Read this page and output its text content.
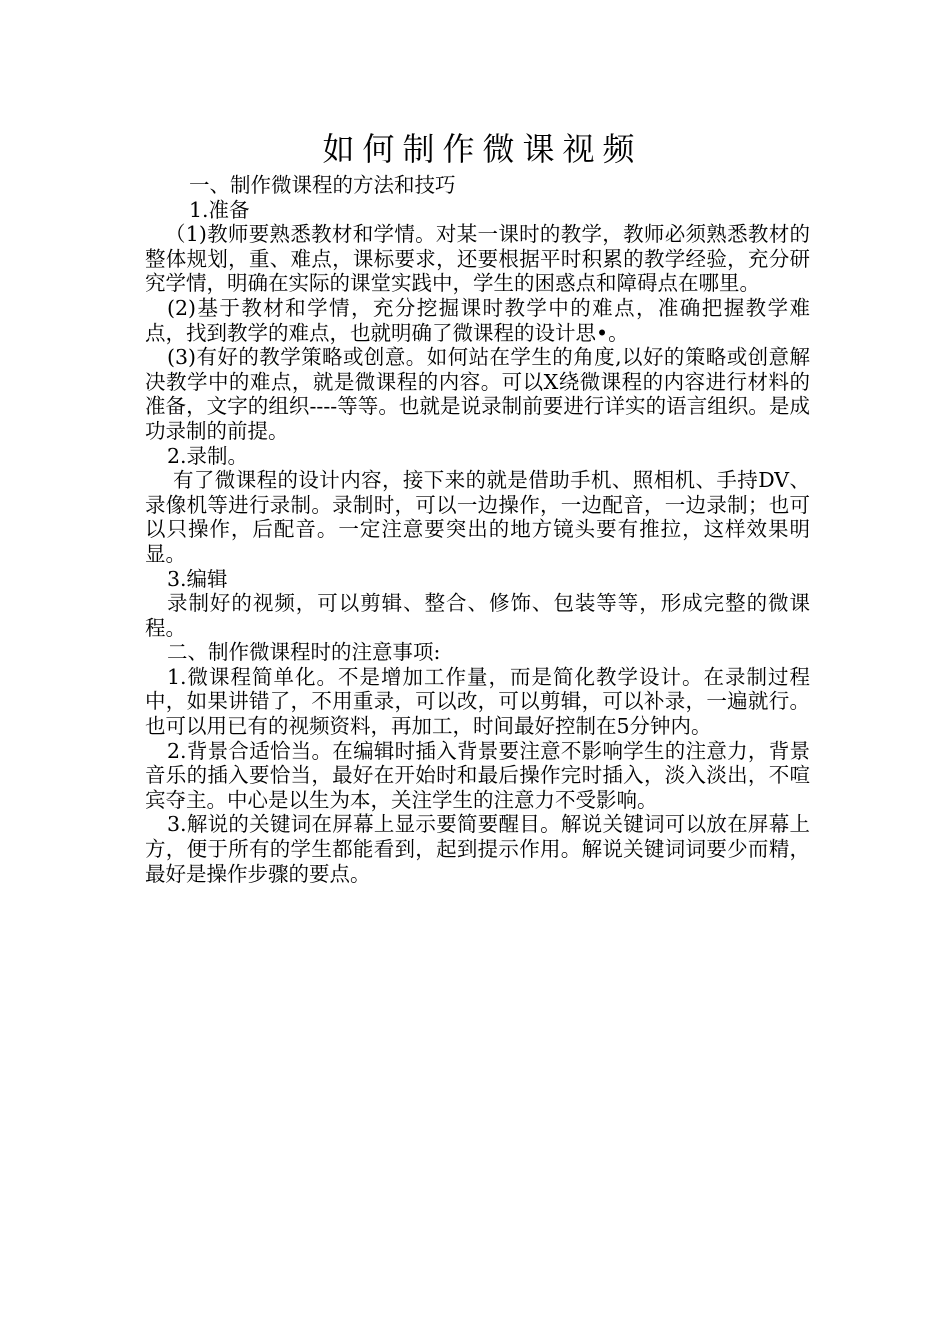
如何制作微课视频

一、制作微课程的方法和技巧

1.准备

（1)教师要熟悉教材和学情。对某一课时的教学，教师必须熟悉教材的整体规划，重、难点，课标要求，还要根据平时积累的教学经验，充分研究学情，明确在实际的课堂实践中，学生的困惑点和障碍点在哪里。

(2)基于教材和学情，充分挖掘课时教学中的难点，准确把握教学难点，找到教学的难点，也就明确了微课程的设计思•。

(3)有好的教学策略或创意。如何站在学生的角度,以好的策略或创意解决教学中的难点，就是微课程的内容。可以X绕微课程的内容进行材料的准备，文字的组织----等等。也就是说录制前要进行详实的语言组织。是成功录制的前提。

2.录制。

有了微课程的设计内容，接下来的就是借助手机、照相机、手持DV、录像机等进行录制。录制时，可以一边操作，一边配音，一边录制；也可以只操作，后配音。一定注意要突出的地方镜头要有推拉，这样效果明显。

3.编辑

录制好的视频，可以剪辑、整合、修饰、包装等等，形成完整的微课程。

二、制作微课程时的注意事项:

1.微课程简单化。不是增加工作量，而是简化教学设计。在录制过程中，如果讲错了，不用重录，可以改，可以剪辑，可以补录，一遍就行。也可以用已有的视频资料，再加工，时间最好控制在5分钟内。

2.背景合适恰当。在编辑时插入背景要注意不影响学生的注意力，背景音乐的插入要恰当，最好在开始时和最后操作完时插入，淡入淡出，不喧宾夺主。中心是以生为本，关注学生的注意力不受影响。

3.解说的关键词在屏幕上显示要简要醒目。解说关键词可以放在屏幕上方，便于所有的学生都能看到，起到提示作用。解说关键词词要少而精，最好是操作步骤的要点。
